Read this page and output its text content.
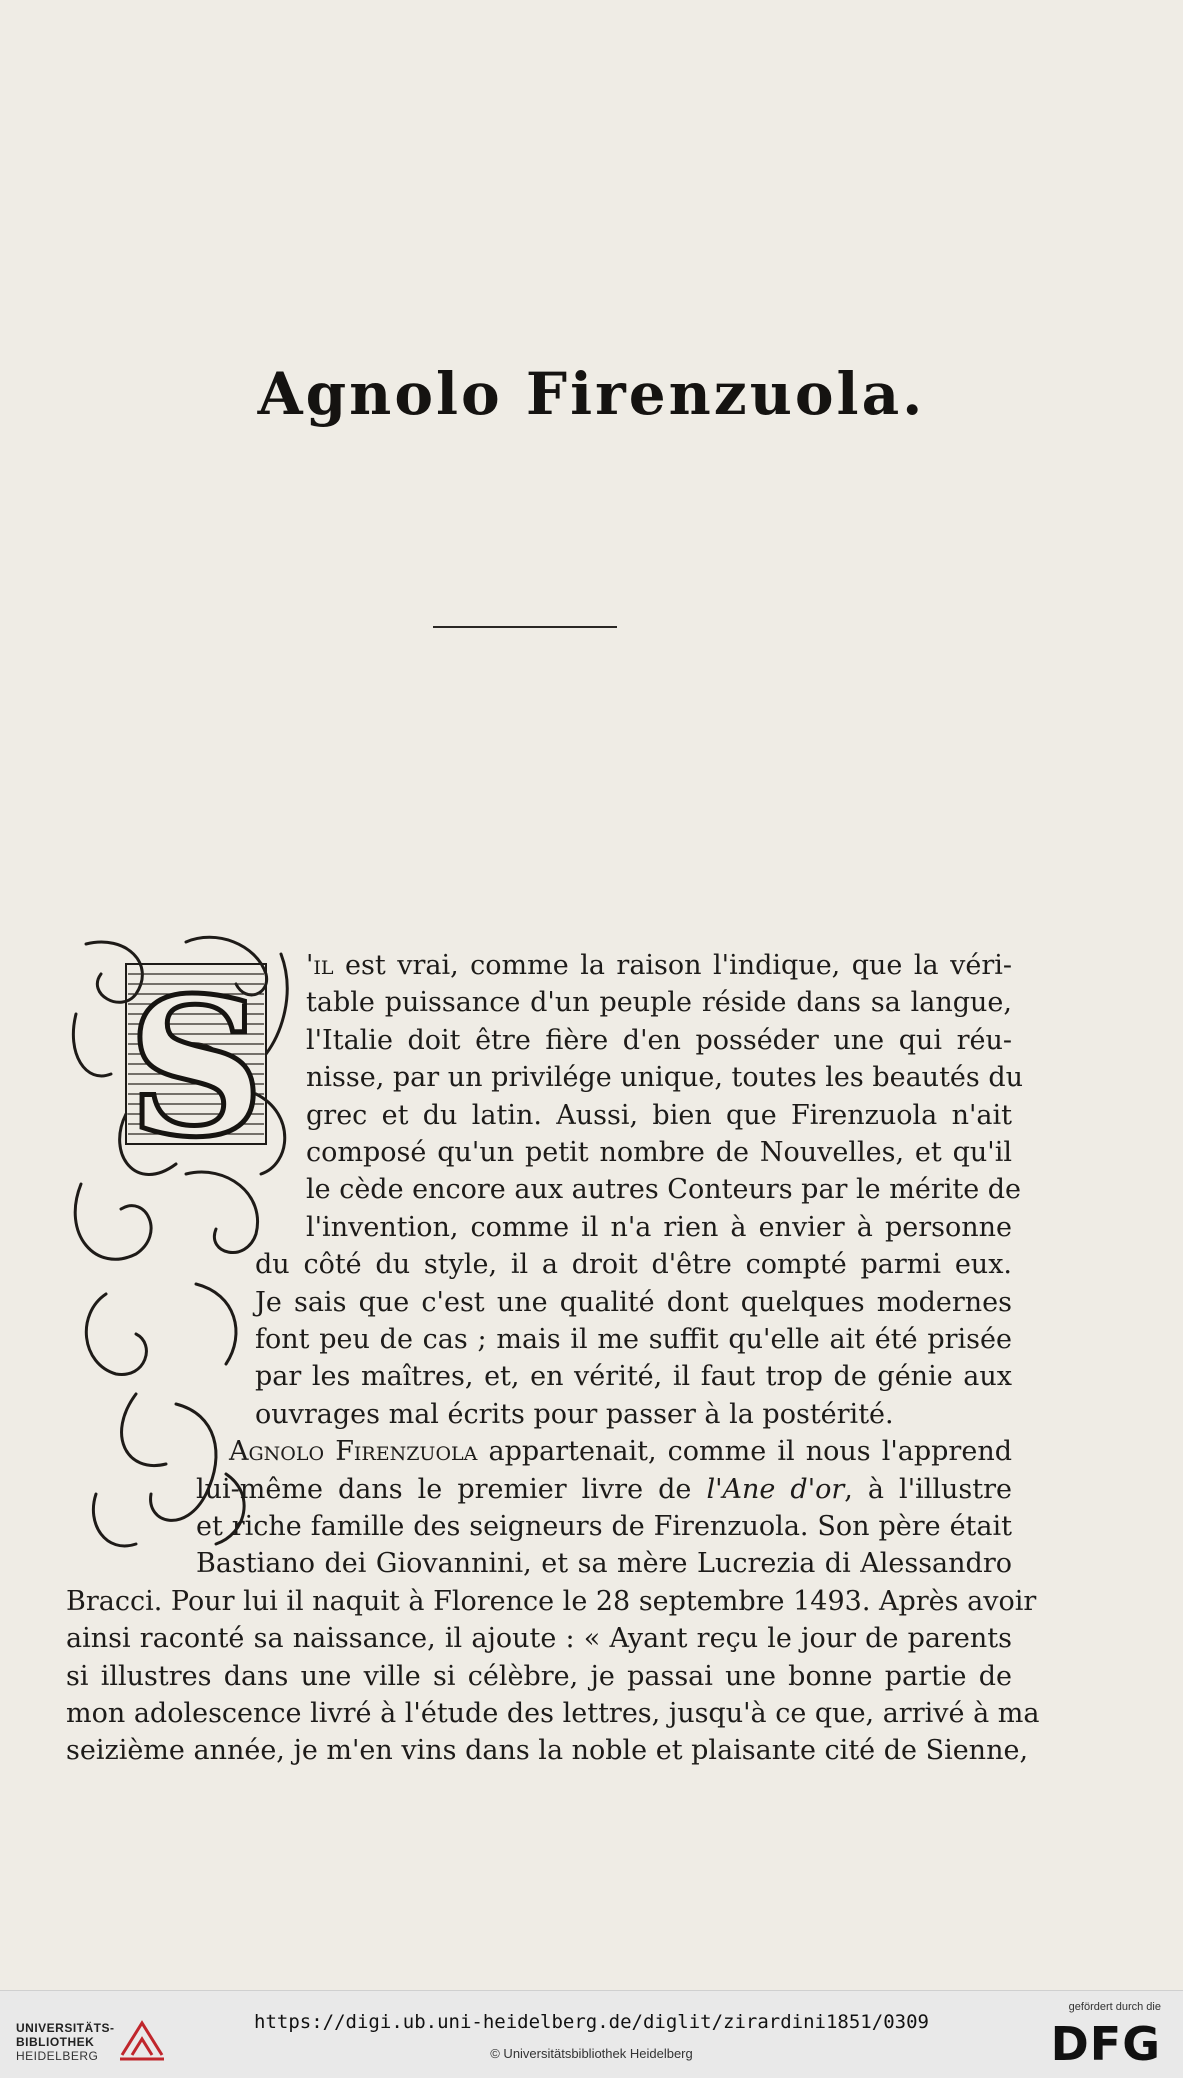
Agnolo Firenzuola.
S 'il est vrai, comme la raison l'indique, que la véri-
table puissance d'un peuple réside dans sa langue,
l'Italie doit être fière d'en posséder une qui réu-
nisse, par un privilége unique, toutes les beautés du
grec et du latin. Aussi, bien que Firenzuola n'ait
composé qu'un petit nombre de Nouvelles, et qu'il
le cède encore aux autres Conteurs par le mérite de
l'invention, comme il n'a rien à envier à personne
du côté du style, il a droit d'être compté parmi eux.
Je sais que c'est une qualité dont quelques modernes
font peu de cas ; mais il me suffit qu'elle ait été prisée
par les maîtres, et, en vérité, il faut trop de génie aux
ouvrages mal écrits pour passer à la postérité.
Agnolo Firenzuola appartenait, comme il nous l'apprend
lui-même dans le premier livre de l'Ane d'or, à l'illustre
et riche famille des seigneurs de Firenzuola. Son père était
Bastiano dei Giovannini, et sa mère Lucrezia di Alessandro
Bracci. Pour lui il naquit à Florence le 28 septembre 1493. Après avoir
ainsi raconté sa naissance, il ajoute : « Ayant reçu le jour de parents
si illustres dans une ville si célèbre, je passai une bonne partie de
mon adolescence livré à l'étude des lettres, jusqu'à ce que, arrivé à ma
seizième année, je m'en vins dans la noble et plaisante cité de Sienne,
UNIVERSITÄTS-
BIBLIOTHEK
HEIDELBERG
https://digi.ub.uni-heidelberg.de/diglit/zirardini1851/0309
© Universitätsbibliothek Heidelberg
gefördert durch die
DFG
